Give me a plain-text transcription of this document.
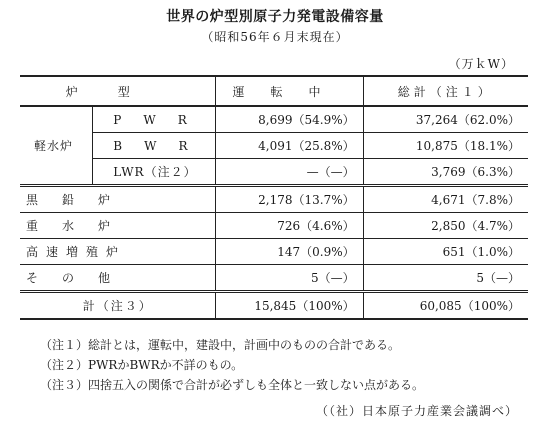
世界の炉型別原子力発電設備容量
（昭和56年６月末現在）
（万ｋW）
炉型		運転中	総計（注１）
軽水炉	PWR	8,699（54.9%）	37,264（62.0%）
	BWR	4,091（25.8%）	10,875（18.1%）
	LWR（注２）	—（—）	3,769（6.3%）
黒鉛炉		2,178（13.7%）	4,671（7.8%）
重水炉		726（4.6%）	2,850（4.7%）
高速増殖炉		147（0.9%）	651（1.0%）
その他		5（—）	5（—）
計（注３）		15,845（100%）	60,085（100%）
（注１） 総計とは，運転中，建設中，計画中のものの合計である。
（注２） PWRかBWRか不詳のもの。
（注３） 四捨五入の関係で合計が必ずしも全体と一致しない点がある。
（（社）日本原子力産業会議調べ）
